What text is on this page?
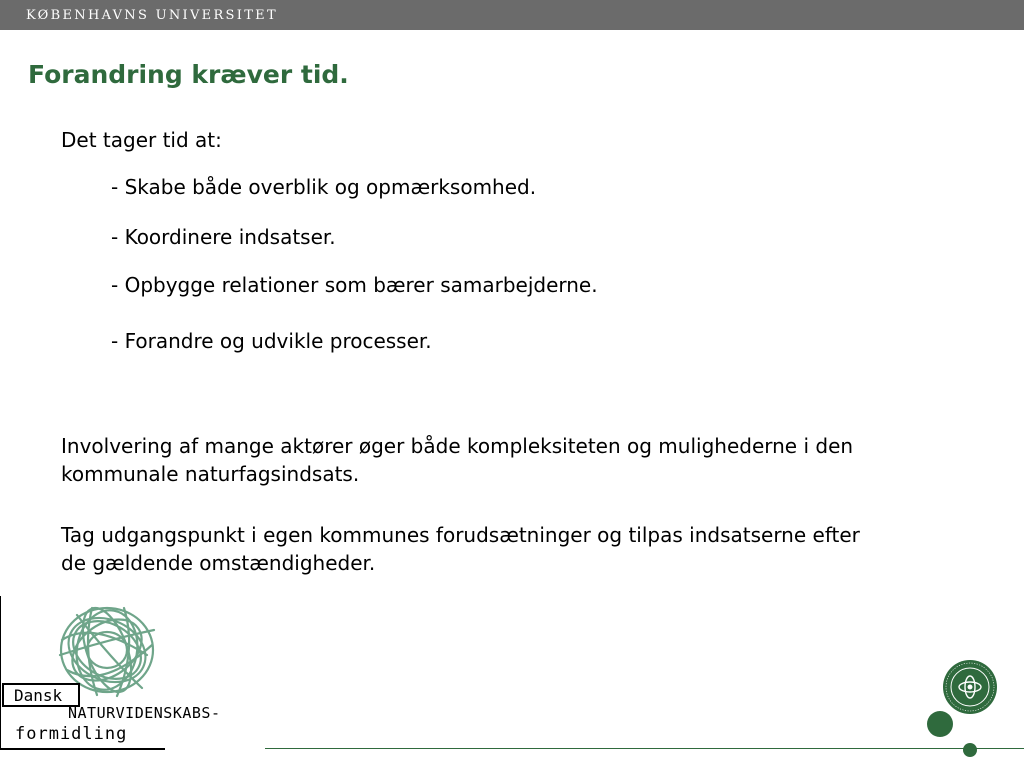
KØBENHAVNS UNIVERSITET
Forandring kræver tid.
Det tager tid at:
- Skabe både overblik og opmærksomhed.
- Koordinere indsatser.
- Opbygge relationer som bærer samarbejderne.
- Forandre og udvikle processer.
Involvering af mange aktører øger både kompleksiteten og mulighederne i den
kommunale naturfagsindsats.
Tag udgangspunkt i egen kommunes forudsætninger og tilpas indsatserne efter
de gældende omstændigheder.
Dansk
NATURVIDENSKABS-
formidling
